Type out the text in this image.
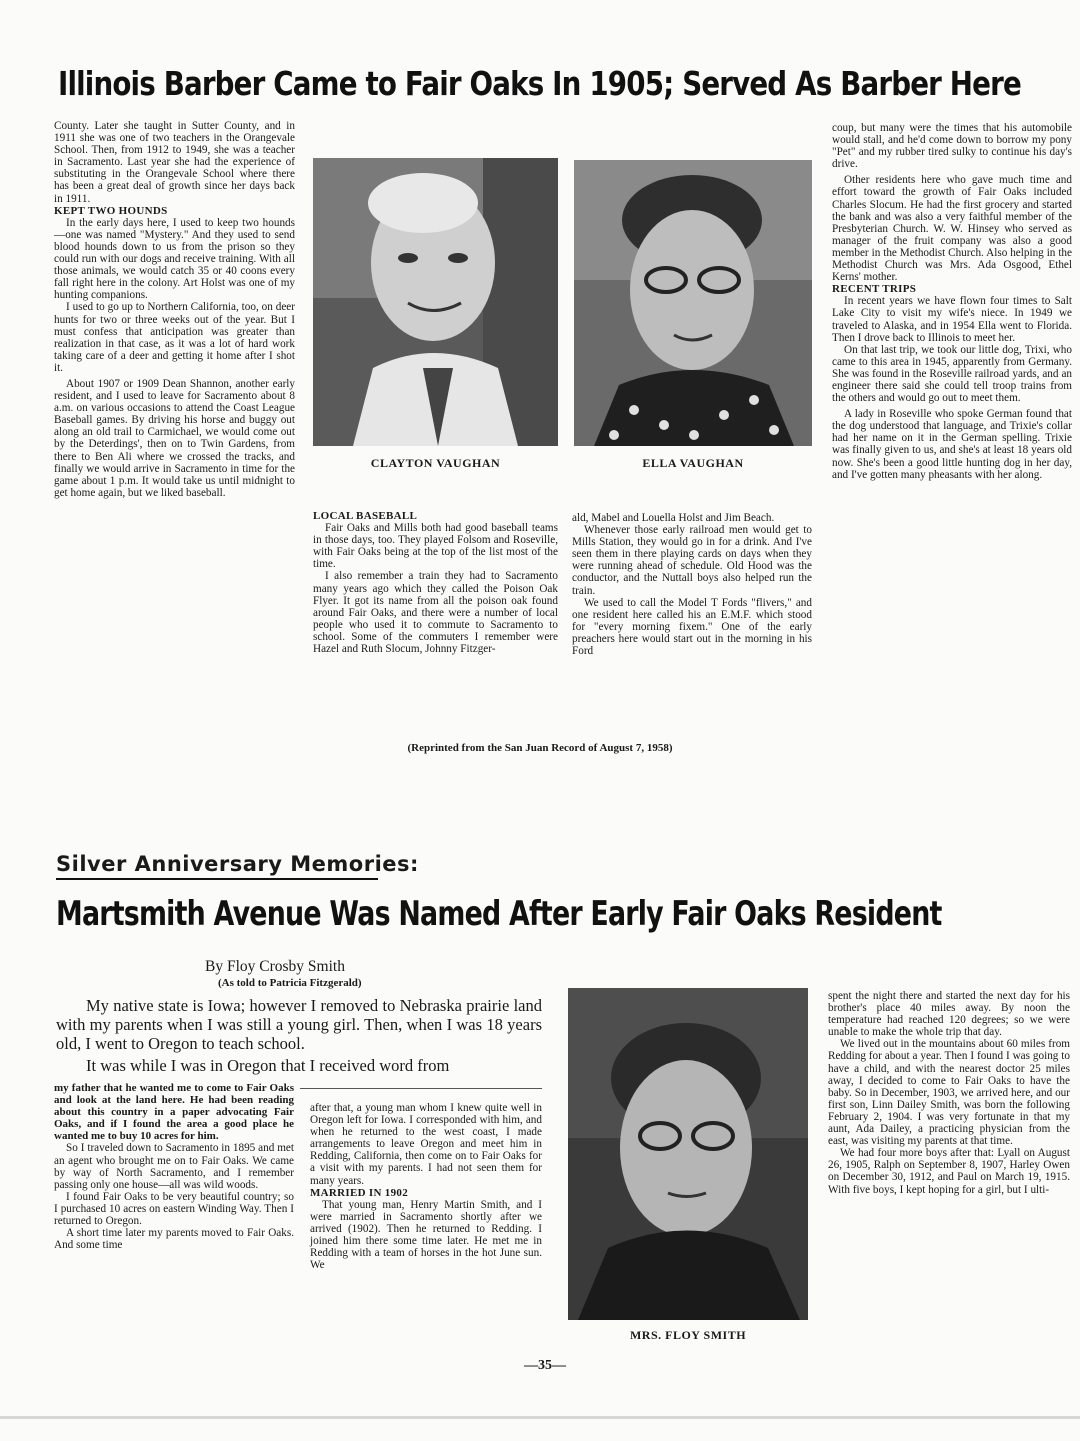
Illinois Barber Came to Fair Oaks In 1905; Served As Barber Here

County. Later she taught in Sutter County, and in 1911 she was one of two teachers in the Orangevale School. Then, from 1912 to 1949, she was a teacher in Sacramento. Last year she had the experience of substituting in the Orangevale School where there has been a great deal of growth since her days back in 1911.

KEPT TWO HOUNDS

In the early days here, I used to keep two hounds—one was named "Mystery." And they used to send blood hounds down to us from the prison so they could run with our dogs and receive training. With all those animals, we would catch 35 or 40 coons every fall right here in the colony. Art Holst was one of my hunting companions.

I used to go up to Northern California, too, on deer hunts for two or three weeks out of the year. But I must confess that anticipation was greater than realization in that case, as it was a lot of hard work taking care of a deer and getting it home after I shot it.

About 1907 or 1909 Dean Shannon, another early resident, and I used to leave for Sacramento about 8 a.m. on various occasions to attend the Coast League Baseball games. By driving his horse and buggy out along an old trail to Carmichael, we would come out by the Deterdings', then on to Twin Gardens, from there to Ben Ali where we crossed the tracks, and finally we would arrive in Sacramento in time for the game about 1 p.m. It would take us until midnight to get home again, but we liked baseball.

CLAYTON VAUGHAN	ELLA VAUGHAN

LOCAL BASEBALL

Fair Oaks and Mills both had good baseball teams in those days, too. They played Folsom and Roseville, with Fair Oaks being at the top of the list most of the time.

I also remember a train they had to Sacramento many years ago which they called the Poison Oak Flyer. It got its name from all the poison oak found around Fair Oaks, and there were a number of local people who used it to commute to Sacramento to school. Some of the commuters I remember were Hazel and Ruth Slocum, Johnny Fitzger-

ald, Mabel and Louella Holst and Jim Beach.

Whenever those early railroad men would get to Mills Station, they would go in for a drink. And I've seen them in there playing cards on days when they were running ahead of schedule. Old Hood was the conductor, and the Nuttall boys also helped run the train.

We used to call the Model T Fords "flivers," and one resident here called his an E.M.F. which stood for "every morning fixem." One of the early preachers here would start out in the morning in his Ford

coup, but many were the times that his automobile would stall, and he'd come down to borrow my pony "Pet" and my rubber tired sulky to continue his day's drive.

Other residents here who gave much time and effort toward the growth of Fair Oaks included Charles Slocum. He had the first grocery and started the bank and was also a very faithful member of the Presbyterian Church. W. W. Hinsey who served as manager of the fruit company was also a good member in the Methodist Church. Also helping in the Methodist Church was Mrs. Ada Osgood, Ethel Kerns' mother.

RECENT TRIPS

In recent years we have flown four times to Salt Lake City to visit my wife's niece. In 1949 we traveled to Alaska, and in 1954 Ella went to Florida. Then I drove back to Illinois to meet her.

On that last trip, we took our little dog, Trixi, who came to this area in 1945, apparently from Germany. She was found in the Roseville railroad yards, and an engineer there said she could tell troop trains from the others and would go out to meet them.

A lady in Roseville who spoke German found that the dog understood that language, and Trixie's collar had her name on it in the German spelling. Trixie was finally given to us, and she's at least 18 years old now. She's been a good little hunting dog in her day, and I've gotten many pheasants with her along.

(Reprinted from the San Juan Record of August 7, 1958)
Silver Anniversary Memories:
Martsmith Avenue Was Named After Early Fair Oaks Resident
By Floy Crosby Smith
(As told to Patricia Fitzgerald)

My native state is Iowa; however I removed to Nebraska prairie land with my parents when I was still a young girl. Then, when I was 18 years old, I went to Oregon to teach school.

It was while I was in Oregon that I received word from

my father that he wanted me to come to Fair Oaks and look at the land here. He had been reading about this country in a paper advocating Fair Oaks, and if I found the area a good place he wanted me to buy 10 acres for him.

So I traveled down to Sacramento in 1895 and met an agent who brought me on to Fair Oaks. We came by way of North Sacramento, and I remember passing only one house—all was wild woods.

I found Fair Oaks to be very beautiful country; so I purchased 10 acres on eastern Winding Way. Then I returned to Oregon.

A short time later my parents moved to Fair Oaks. And some time

after that, a young man whom I knew quite well in Oregon left for Iowa. I corresponded with him, and when he returned to the west coast, I made arrangements to leave Oregon and meet him in Redding, California, then come on to Fair Oaks for a visit with my parents. I had not seen them for many years.

MARRIED IN 1902

That young man, Henry Martin Smith, and I were married in Sacramento shortly after we arrived (1902). Then he returned to Redding. I joined him there some time later. He met me in Redding with a team of horses in the hot June sun. We

MRS. FLOY SMITH

spent the night there and started the next day for his brother's place 40 miles away. By noon the temperature had reached 120 degrees; so we were unable to make the whole trip that day.

We lived out in the mountains about 60 miles from Redding for about a year. Then I found I was going to have a child, and with the nearest doctor 25 miles away, I decided to come to Fair Oaks to have the baby. So in December, 1903, we arrived here, and our first son, Linn Dailey Smith, was born the following February 2, 1904. I was very fortunate in that my aunt, Ada Dailey, a practicing physician from the east, was visiting my parents at that time.

We had four more boys after that: Lyall on August 26, 1905, Ralph on September 8, 1907, Harley Owen on December 30, 1912, and Paul on March 19, 1915. With five boys, I kept hoping for a girl, but I ulti-

—35—
